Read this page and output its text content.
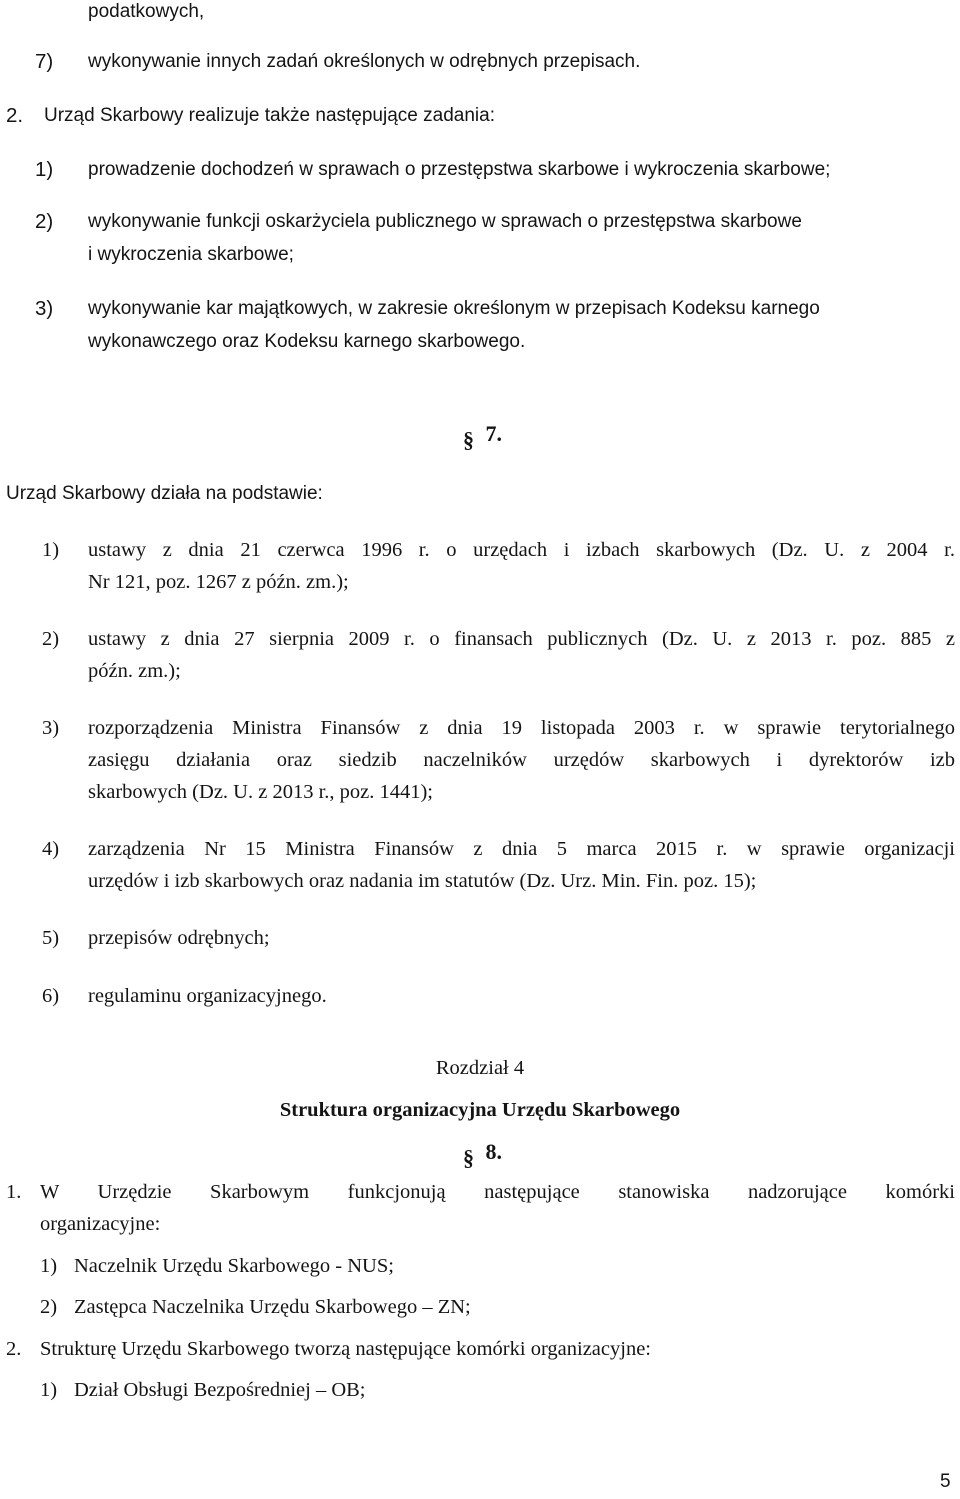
podatkowych,
7) wykonywanie innych zadań określonych w odrębnych przepisach.
2. Urząd Skarbowy realizuje także następujące zadania:
1) prowadzenie dochodzeń w sprawach o przestępstwa skarbowe i wykroczenia skarbowe;
2) wykonywanie funkcji oskarżyciela publicznego w sprawach o przestępstwa skarbowe
i wykroczenia skarbowe;
3) wykonywanie kar majątkowych, w zakresie określonym w przepisach Kodeksu karnego
wykonawczego oraz Kodeksu karnego skarbowego.
§ 7.
Urząd Skarbowy działa na podstawie:
1) ustawy z dnia 21 czerwca 1996 r. o urzędach i izbach skarbowych (Dz. U. z 2004 r.
Nr 121, poz. 1267 z późn. zm.);
2) ustawy z dnia 27 sierpnia 2009 r. o finansach publicznych (Dz. U. z 2013 r. poz. 885 z
późn. zm.);
3) rozporządzenia Ministra Finansów z dnia 19 listopada 2003 r. w sprawie terytorialnego
zasięgu działania oraz siedzib naczelników urzędów skarbowych i dyrektorów izb
skarbowych (Dz. U. z 2013 r., poz. 1441);
4) zarządzenia Nr 15 Ministra Finansów z dnia 5 marca 2015 r. w sprawie organizacji
urzędów i izb skarbowych oraz nadania im statutów (Dz. Urz. Min. Fin. poz. 15);
5) przepisów odrębnych;
6) regulaminu organizacyjnego.
Rozdział 4
Struktura organizacyjna Urzędu Skarbowego
§ 8.
1. W Urzędzie Skarbowym funkcjonują następujące stanowiska nadzorujące komórki
organizacyjne:
1) Naczelnik Urzędu Skarbowego - NUS;
2) Zastępca Naczelnika Urzędu Skarbowego – ZN;
2. Strukturę Urzędu Skarbowego tworzą następujące komórki organizacyjne:
1) Dział Obsługi Bezpośredniej – OB;
5
